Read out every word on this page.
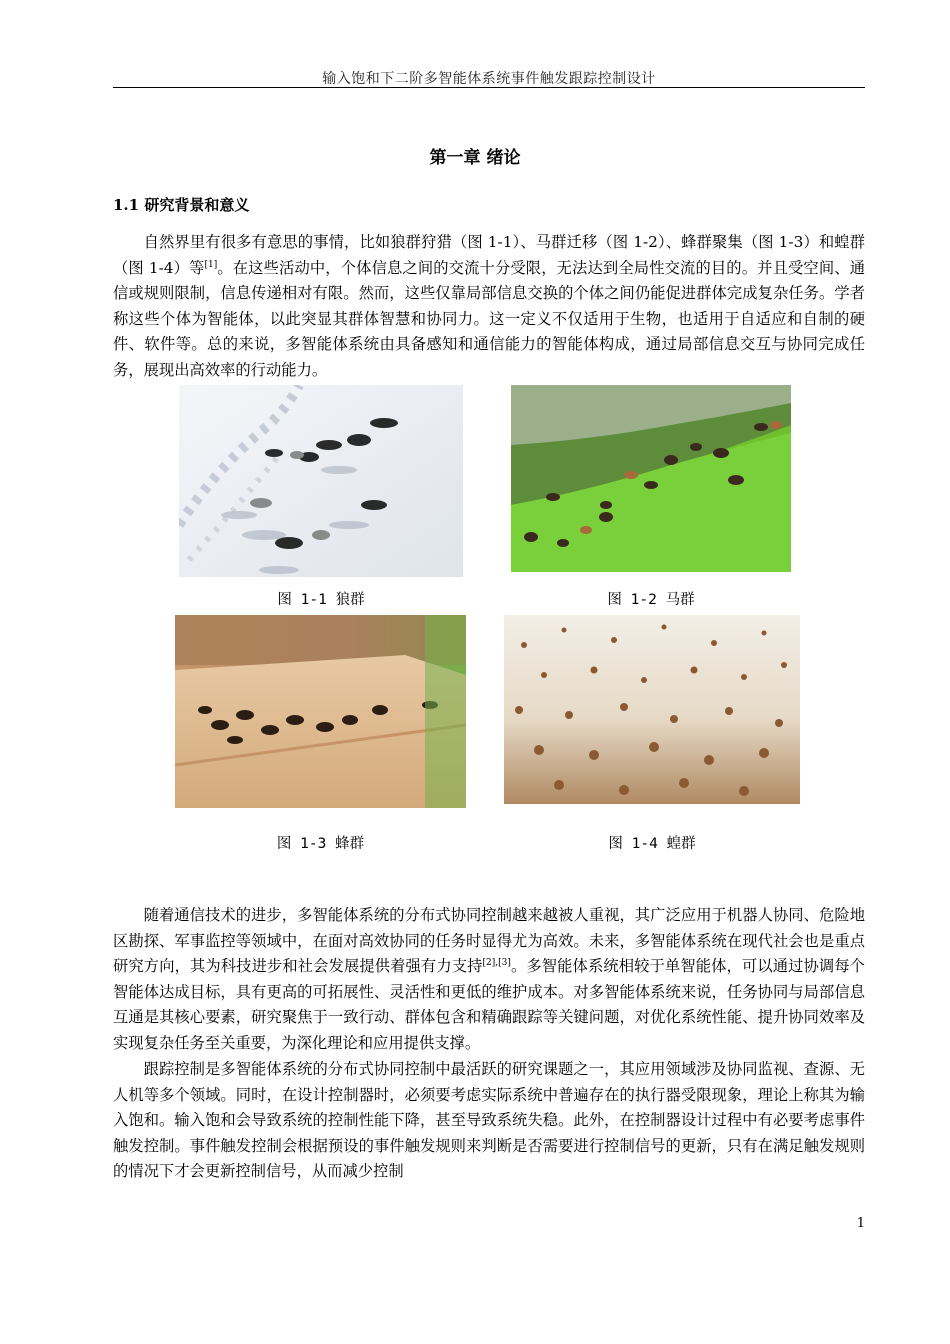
输入饱和下二阶多智能体系统事件触发跟踪控制设计
第一章 绪论
1.1 研究背景和意义

自然界里有很多有意思的事情，比如狼群狩猎（图 1-1）、马群迁移（图 1-2）、蜂群聚集（图 1-3）和蝗群（图 1-4）等[1]。在这些活动中，个体信息之间的交流十分受限，无法达到全局性交流的目的。并且受空间、通信或规则限制，信息传递相对有限。然而，这些仅靠局部信息交换的个体之间仍能促进群体完成复杂任务。学者称这些个体为智能体，以此突显其群体智慧和协同力。这一定义不仅适用于生物，也适用于自适应和自制的硬件、软件等。总的来说，多智能体系统由具备感知和通信能力的智能体构成，通过局部信息交互与协同完成任务，展现出高效率的行动能力。

图 1-1 狼群	图 1-2 马群
图 1-3 蜂群	图 1-4 蝗群

随着通信技术的进步，多智能体系统的分布式协同控制越来越被人重视，其广泛应用于机器人协同、危险地区勘探、军事监控等领域中，在面对高效协同的任务时显得尤为高效。未来，多智能体系统在现代社会也是重点研究方向，其为科技进步和社会发展提供着强有力支持[2],[3]。多智能体系统相较于单智能体，可以通过协调每个智能体达成目标，具有更高的可拓展性、灵活性和更低的维护成本。对多智能体系统来说，任务协同与局部信息互通是其核心要素，研究聚焦于一致行动、群体包含和精确跟踪等关键问题，对优化系统性能、提升协同效率及实现复杂任务至关重要，为深化理论和应用提供支撑。

跟踪控制是多智能体系统的分布式协同控制中最活跃的研究课题之一，其应用领域涉及协同监视、查源、无人机等多个领域。同时，在设计控制器时，必须要考虑实际系统中普遍存在的执行器受限现象，理论上称其为输入饱和。输入饱和会导致系统的控制性能下降，甚至导致系统失稳。此外，在控制器设计过程中有必要考虑事件触发控制。事件触发控制会根据预设的事件触发规则来判断是否需要进行控制信号的更新，只有在满足触发规则的情况下才会更新控制信号，从而减少控制

1
